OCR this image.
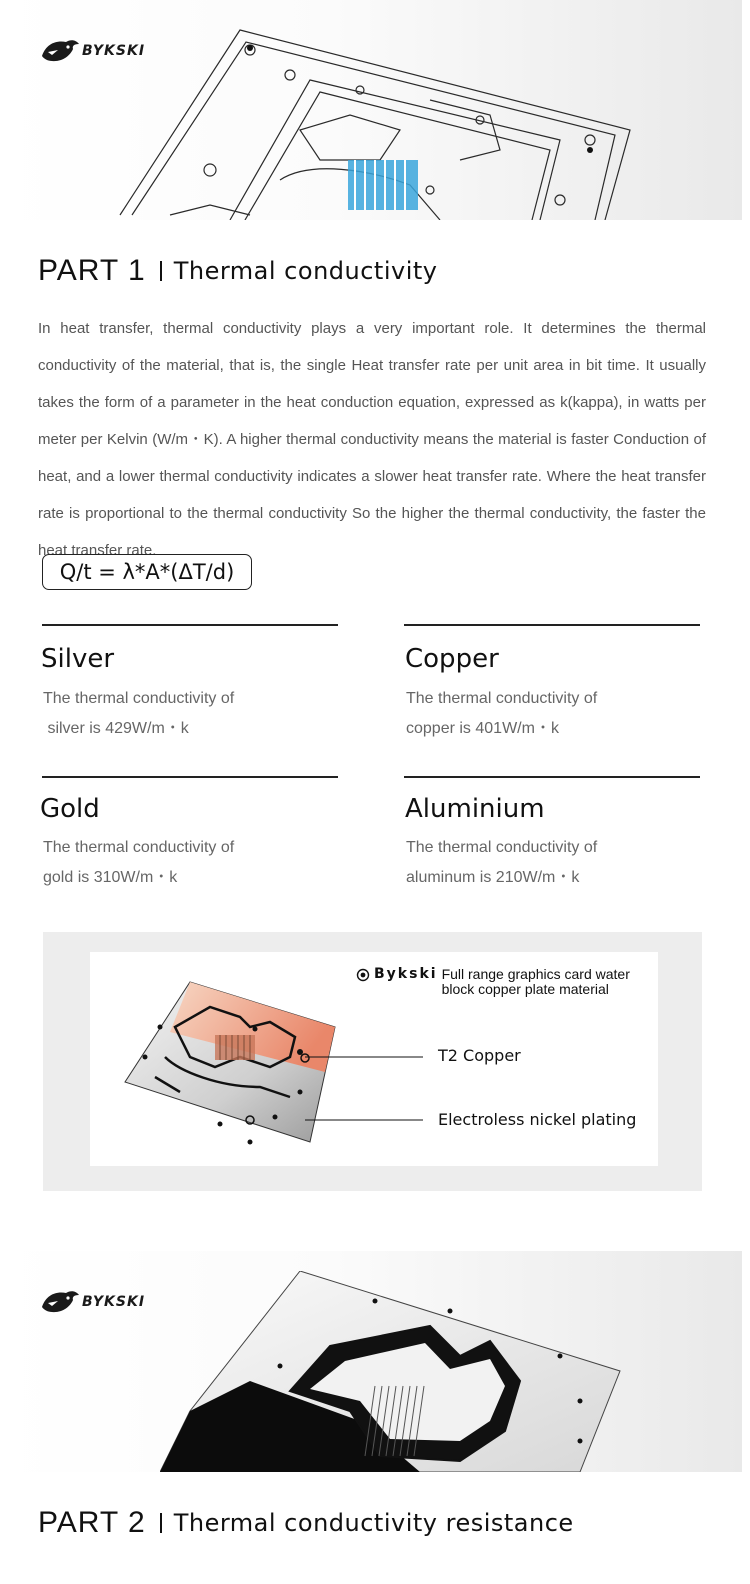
BYKSKI
PART 1 Thermal conductivity
In heat transfer, thermal conductivity plays a very important role. It determines the thermal conductivity of the material, that is, the single Heat transfer rate per unit area in bit time. It usually takes the form of a parameter in the heat conduction equation, expressed as k(kappa), in watts per meter per Kelvin (W/m・K). A higher thermal conductivity means the material is faster Conduction of heat, and a lower thermal conductivity indicates a slower heat transfer rate. Where the heat transfer rate is proportional to the thermal conductivity So the higher the thermal conductivity, the faster the heat transfer rate.
Q/t = λ*A*(ΔT/d)
Silver
The thermal conductivity of
silver is 429W/m・k
Copper
The thermal conductivity of
copper is 401W/m・k
Gold
The thermal conductivity of
gold is 310W/m・k
Aluminium
The thermal conductivity of
aluminum is 210W/m・k
Bykski Full range graphics card water block copper plate material
T2 Copper
Electroless nickel plating
BYKSKI
PART 2 Thermal conductivity resistance
